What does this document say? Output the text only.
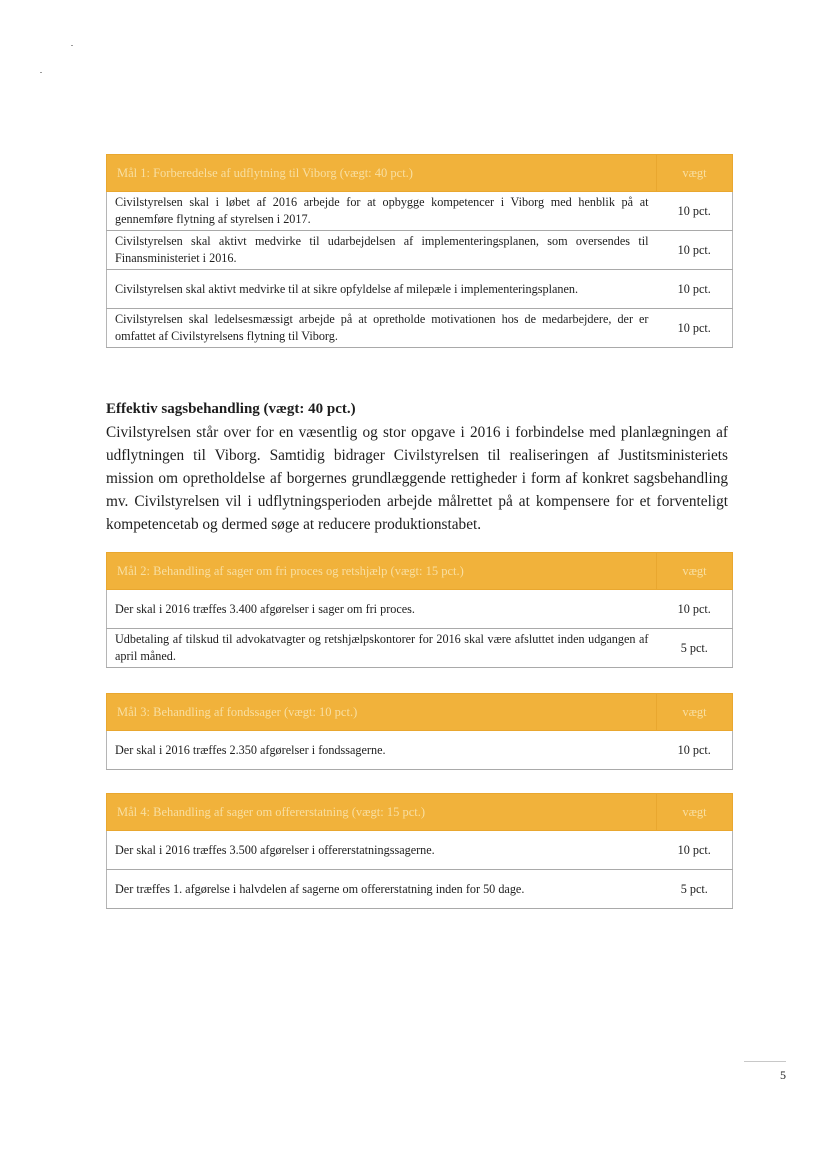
Mål 1: Forberedelse af udflytning til Viborg (vægt: 40 pct.)	vægt
Civilstyrelsen skal i løbet af 2016 arbejde for at opbygge kompetencer i Viborg med henblik på at gennemføre flytning af styrelsen i 2017.	10 pct.
Civilstyrelsen skal aktivt medvirke til udarbejdelsen af implementeringsplanen, som oversendes til Finansministeriet i 2016.	10 pct.
Civilstyrelsen skal aktivt medvirke til at sikre opfyldelse af milepæle i implementeringsplanen.	10 pct.
Civilstyrelsen skal ledelsesmæssigt arbejde på at opretholde motivationen hos de medarbejdere, der er omfattet af Civilstyrelsens flytning til Viborg.	10 pct.
Effektiv sagsbehandling (vægt: 40 pct.)

Civilstyrelsen står over for en væsentlig og stor opgave i 2016 i forbindelse med planlægningen af udflytningen til Viborg. Samtidig bidrager Civilstyrelsen til realiseringen af Justitsministeriets mission om opretholdelse af borgernes grundlæggende rettigheder i form af konkret sagsbehandling mv. Civilstyrelsen vil i udflytningsperioden arbejde målrettet på at kompensere for et forventeligt kompetencetab og dermed søge at reducere produktionstabet.

Mål 2: Behandling af sager om fri proces og retshjælp (vægt: 15 pct.)	vægt
Der skal i 2016 træffes 3.400 afgørelser i sager om fri proces.	10 pct.
Udbetaling af tilskud til advokatvagter og retshjælpskontorer for 2016 skal være afsluttet inden udgangen af april måned.	5 pct.
Mål 3: Behandling af fondssager (vægt: 10 pct.)	vægt
Der skal i 2016 træffes 2.350 afgørelser i fondssagerne.	10 pct.
Mål 4: Behandling af sager om offererstatning (vægt: 15 pct.)	vægt
Der skal i 2016 træffes 3.500 afgørelser i offererstatningssagerne.	10 pct.
Der træffes 1. afgørelse i halvdelen af sagerne om offererstatning inden for 50 dage.	5 pct.
5
